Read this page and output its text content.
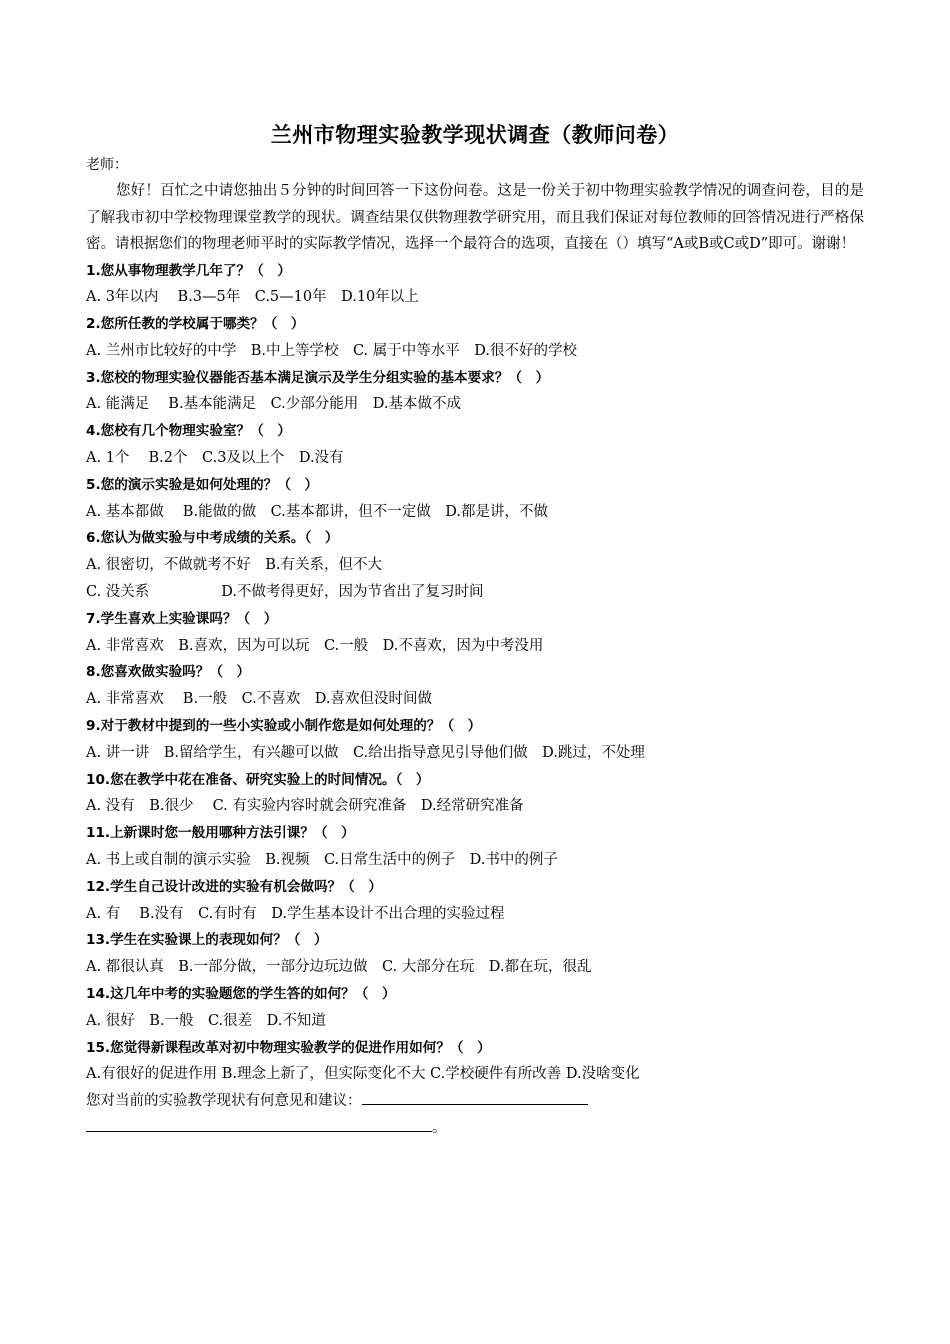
兰州市物理实验教学现状调查（教师问卷）
老师：

您好！百忙之中请您抽出５分钟的时间回答一下这份问卷。这是一份关于初中物理实验教学情况的调查问卷，目的是了解我市初中学校物理课堂教学的现状。调查结果仅供物理教学研究用，而且我们保证对每位教师的回答情况进行严格保密。请根据您们的物理老师平时的实际教学情况，选择一个最符合的选项，直接在（）填写“A或B或C或D”即可。谢谢！

1.您从事物理教学几年了？（　）
A. 3年以内　 B.3—5年　C.5—10年　D.10年以上
2.您所任教的学校属于哪类？（　）
A. 兰州市比较好的中学　B.中上等学校　C. 属于中等水平　D.很不好的学校
3.您校的物理实验仪器能否基本满足演示及学生分组实验的基本要求？（　）
A. 能满足　 B.基本能满足　C.少部分能用　D.基本做不成
4.您校有几个物理实验室？（　）
A. 1个　 B.2个　C.3及以上个　D.没有
5.您的演示实验是如何处理的？（　）
A. 基本都做　 B.能做的做　C.基本都讲，但不一定做　D.都是讲，不做
6.您认为做实验与中考成绩的关系。（　）
A. 很密切，不做就考不好　B.有关系，但不大
C. 没关系	D.不做考得更好，因为节省出了复习时间
7.学生喜欢上实验课吗？（　）
A. 非常喜欢　B.喜欢，因为可以玩　C.一般　D.不喜欢，因为中考没用
8.您喜欢做实验吗？（　）
A. 非常喜欢　 B.一般　C.不喜欢　D.喜欢但没时间做
9.对于教材中提到的一些小实验或小制作您是如何处理的？（　）
A. 讲一讲　B.留给学生，有兴趣可以做　C.给出指导意见引导他们做　D.跳过，不处理
10.您在教学中花在准备、研究实验上的时间情况。（　）
A. 没有　B.很少　 C. 有实验内容时就会研究准备　D.经常研究准备
11.上新课时您一般用哪种方法引课？（　）
A. 书上或自制的演示实验　B.视频　C.日常生活中的例子　D.书中的例子
12.学生自己设计改进的实验有机会做吗？（　）
A. 有　 B.没有　C.有时有　D.学生基本设计不出合理的实验过程
13.学生在实验课上的表现如何？（　）
A. 都很认真　B.一部分做，一部分边玩边做　C. 大部分在玩　D.都在玩，很乱
14.这几年中考的实验题您的学生答的如何？（　）
A. 很好　B.一般　C.很差　D.不知道
15.您觉得新课程改革对初中物理实验教学的促进作用如何？（　）
A.有很好的促进作用 B.理念上新了，但实际变化不大 C.学校硬件有所改善 D.没啥变化
您对当前的实验教学现状有何意见和建议：
。
